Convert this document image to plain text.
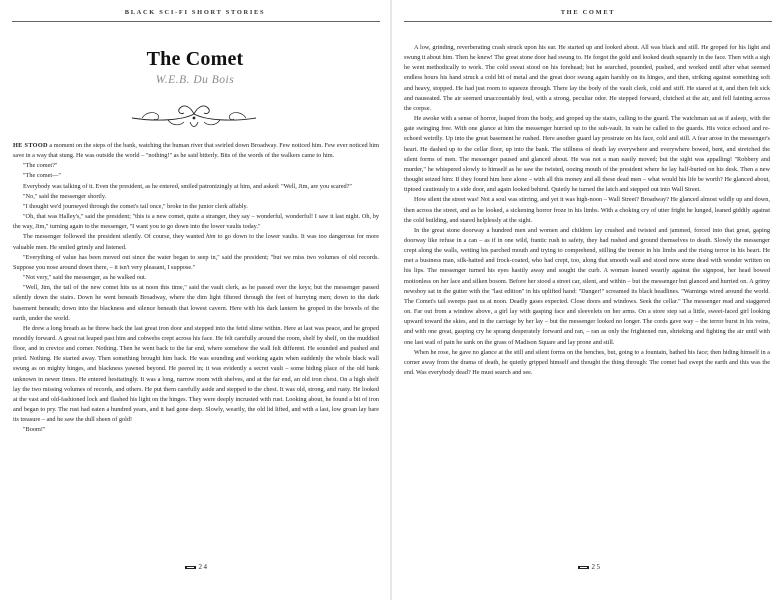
BLACK SCI-FI SHORT STORIES
The Comet
W.E.B. Du Bois

HE STOOD a moment on the steps of the bank, watching the human river that swirled down Broadway. Few noticed him. Few ever noticed him save in a way that stung. He was outside the world – "nothing!" as he said bitterly. Bits of the words of the walkers came to him.

"The comet?"

"The comet—"

Everybody was talking of it. Even the president, as he entered, smiled patronizingly at him, and asked: "Well, Jim, are you scared?"

"No," said the messenger shortly.

"I thought we'd journeyed through the comet's tail once," broke in the junior clerk affably.

"Oh, that was Halley's," said the president; "this is a new comet, quite a stranger, they say – wonderful, wonderful! I saw it last night. Oh, by the way, Jim," turning again to the messenger, "I want you to go down into the lower vaults today."

The messenger followed the president silently. Of course, they wanted him to go down to the lower vaults. It was too dangerous for more valuable men. He smiled grimly and listened.

"Everything of value has been moved out since the water began to seep in," said the president; "but we miss two volumes of old records. Suppose you nose around down there, – it isn't very pleasant, I suppose."

"Not very," said the messenger, as he walked out.

"Well, Jim, the tail of the new comet hits us at noon this time," said the vault clerk, as he passed over the keys; but the messenger passed silently down the stairs. Down he went beneath Broadway, where the dim light filtered through the feet of hurrying men; down to the dark basement beneath; down into the blackness and silence beneath that lowest cavern. Here with his dark lantern he groped in the bowels of the earth, under the world.

He drew a long breath as he threw back the last great iron door and stepped into the fetid slime within. Here at last was peace, and he groped moodily forward. A great rat leaped past him and cobwebs crept across his face. He felt carefully around the room, shelf by shelf, on the muddied floor, and in crevice and corner. Nothing. Then he went back to the far end, where somehow the wall felt different. He sounded and pushed and pried. Nothing. He started away. Then something brought him back. He was sounding and working again when suddenly the whole black wall swung as on mighty hinges, and blackness yawned beyond. He peered in; it was evidently a secret vault – some hiding place of the old bank unknown in newer times. He entered hesitatingly. It was a long, narrow room with shelves, and at the far end, an old iron chest. On a high shelf lay the two missing volumes of records, and others. He put them carefully aside and stepped to the chest. It was old, strong, and rusty. He looked at the vast and old-fashioned lock and flashed his light on the hinges. They were deeply incrusted with rust. Looking about, he found a bit of iron and began to pry. The rust had eaten a hundred years, and it had gone deep. Slowly, wearily, the old lid lifted, and with a last, low groan lay bare its treasure – and he saw the dull sheen of gold!

"Boom!"

24
THE COMET

A low, grinding, reverberating crash struck upon his ear. He started up and looked about. All was black and still. He groped for his light and swung it about him. Then he knew! The great stone door had swung to. He forgot the gold and looked death squarely in the face. Then with a sigh he went methodically to work. The cold sweat stood on his forehead; but he searched, pounded, pushed, and worked until after what seemed endless hours his hand struck a cold bit of metal and the great door swung again harshly on its hinges, and then, striking against something soft and heavy, stopped. He had just room to squeeze through. There lay the body of the vault clerk, cold and stiff. He stared at it, and then felt sick and nauseated. The air seemed unaccountably foul, with a strong, peculiar odor. He stepped forward, clutched at the air, and fell fainting across the corpse.

He awoke with a sense of horror, leaped from the body, and groped up the stairs, calling to the guard. The watchman sat as if asleep, with the gate swinging free. With one glance at him the messenger hurried up to the sub-vault. In vain he called to the guards. His voice echoed and re-echoed weirdly. Up into the great basement he rushed. Here another guard lay prostrate on his face, cold and still. A fear arose in the messenger's heart. He dashed up to the cellar floor, up into the bank. The stillness of death lay everywhere and everywhere bowed, bent, and stretched the silent forms of men. The messenger paused and glanced about. He was not a man easily moved; but the sight was appalling! "Robbery and murder," he whispered slowly to himself as he saw the twisted, oozing mouth of the president where he lay half-buried on his desk. Then a new thought seized him: If they found him here alone – with all this money and all these dead men – what would his life be worth? He glanced about, tiptoed cautiously to a side door, and again looked behind. Quietly he turned the latch and stepped out into Wall Street.

How silent the street was! Not a soul was stirring, and yet it was high-noon – Wall Street? Broadway? He glanced almost wildly up and down, then across the street, and as he looked, a sickening horror froze in his limbs. With a choking cry of utter fright he lunged, leaned giddily against the cold building, and stared helplessly at the sight.

In the great stone doorway a hundred men and women and children lay crushed and twisted and jammed, forced into that great, gaping doorway like refuse in a can – as if in one wild, frantic rush to safety, they had rushed and ground themselves to death. Slowly the messenger crept along the walls, wetting his parched mouth and trying to comprehend, stilling the tremor in his limbs and the rising terror in his heart. He met a business man, silk-hatted and frock-coated, who had crept, too, along that smooth wall and stood now stone dead with wonder written on his lips. The messenger turned his eyes hastily away and sought the curb. A woman leaned wearily against the signpost, her head bowed motionless on her lace and silken bosom. Before her stood a street car, silent, and within – but the messenger but glanced and hurried on. A grimy newsboy sat in the gutter with the "last edition" in his uplifted hand: "Danger!" screamed its black headlines. "Warnings wired around the world. The Comet's tail sweeps past us at noon. Deadly gases expected. Close doors and windows. Seek the cellar." The messenger read and staggered on. Far out from a window above, a girl lay with gasping face and sleevelets on her arms. On a store step sat a little, sweet-faced girl looking upward toward the skies, and in the carriage by her lay – but the messenger looked no longer. The cords gave way – the terror burst in his veins, and with one great, gasping cry he sprang desperately forward and ran, – ran as only the frightened run, shrieking and fighting the air until with one last wail of pain he sank on the grass of Madison Square and lay prone and still.

When he rose, he gave no glance at the still and silent forms on the benches, but, going to a fountain, bathed his face; then hiding himself in a corner away from the drama of death, he quietly gripped himself and thought the thing through: The comet had swept the earth and this was the end. Was everybody dead? He must search and see.

25
